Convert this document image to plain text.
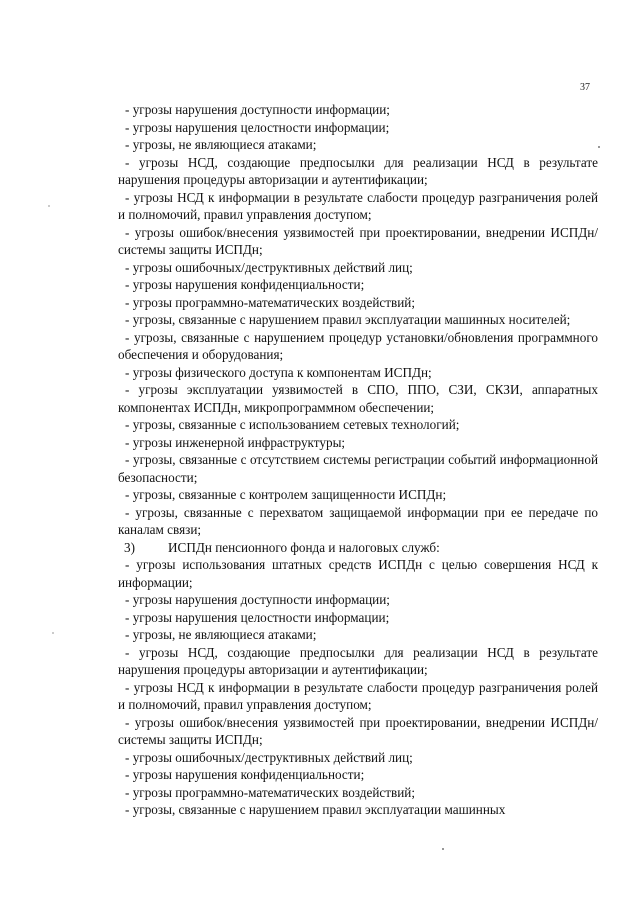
37

- угрозы нарушения доступности информации;

- угрозы нарушения целостности информации;

- угрозы, не являющиеся атаками;

- угрозы НСД, создающие предпосылки для реализации НСД в результате нарушения процедуры авторизации и аутентификации;

- угрозы НСД к информации в результате слабости процедур разграничения ролей и полномочий, правил управления доступом;

- угрозы ошибок/внесения уязвимостей при проектировании, внедрении ИСПДн/системы защиты ИСПДн;

- угрозы ошибочных/деструктивных действий лиц;

- угрозы нарушения конфиденциальности;

- угрозы программно-математических воздействий;

- угрозы, связанные с нарушением правил эксплуатации машинных носителей;

- угрозы, связанные с нарушением процедур установки/обновления программного обеспечения и оборудования;

- угрозы физического доступа к компонентам ИСПДн;

- угрозы эксплуатации уязвимостей в СПО, ППО, СЗИ, СКЗИ, аппаратных компонентах ИСПДн, микропрограммном обеспечении;

- угрозы, связанные с использованием сетевых технологий;

- угрозы инженерной инфраструктуры;

- угрозы, связанные с отсутствием системы регистрации событий информационной безопасности;

- угрозы, связанные с контролем защищенности ИСПДн;

- угрозы, связанные с перехватом защищаемой информации при ее передаче по каналам связи;

3)	ИСПДн пенсионного фонда и налоговых служб:

- угрозы использования штатных средств ИСПДн с целью совершения НСД к информации;

- угрозы нарушения доступности информации;

- угрозы нарушения целостности информации;

- угрозы, не являющиеся атаками;

- угрозы НСД, создающие предпосылки для реализации НСД в результате нарушения процедуры авторизации и аутентификации;

- угрозы НСД к информации в результате слабости процедур разграничения ролей и полномочий, правил управления доступом;

- угрозы ошибок/внесения уязвимостей при проектировании, внедрении ИСПДн/системы защиты ИСПДн;

- угрозы ошибочных/деструктивных действий лиц;

- угрозы нарушения конфиденциальности;

- угрозы программно-математических воздействий;

- угрозы, связанные с нарушением правил эксплуатации машинных
